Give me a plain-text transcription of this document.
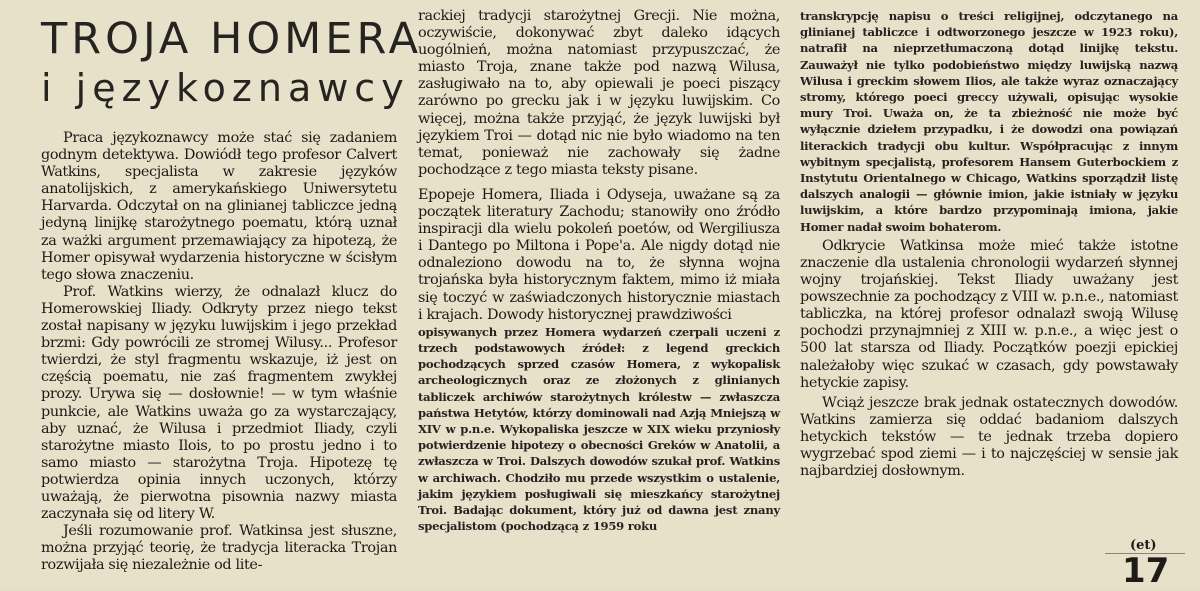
TROJA HOMERA
i językoznawcy

Praca językoznawcy może stać się zadaniem godnym detektywa. Dowiódł tego profesor Calvert Watkins, specjalista w zakresie języków anatolijskich, z amerykańskiego Uniwersytetu Harvarda. Odczytał on na glinianej tabliczce jedną jedyną linijkę starożytnego poematu, którą uznał za ważki argument przemawiający za hipotezą, że Homer opisywał wydarzenia historyczne w ścisłym tego słowa znaczeniu.

Prof. Watkins wierzy, że odnalazł klucz do Homerowskiej Iliady. Odkryty przez niego tekst został napisany w języku luwijskim i jego przekład brzmi: Gdy powrócili ze stromej Wilusy... Profesor twierdzi, że styl fragmentu wskazuje, iż jest on częścią poematu, nie zaś fragmentem zwykłej prozy. Urywa się — dosłownie! — w tym właśnie punkcie, ale Watkins uważa go za wystarczający, aby uznać, że Wilusa i przedmiot Iliady, czyli starożytne miasto Ilois, to po prostu jedno i to samo miasto — starożytna Troja. Hipotezę tę potwierdza opinia innych uczonych, którzy uważają, że pierwotna pisownia nazwy miasta zaczynała się od litery W.

Jeśli rozumowanie prof. Watkinsa jest słuszne, można przyjąć teorię, że tradycja literacka Trojan rozwijała się niezależnie od lite-

rackiej tradycji starożytnej Grecji. Nie można, oczywiście, dokonywać zbyt daleko idących uogólnień, można natomiast przypuszczać, że miasto Troja, znane także pod nazwą Wilusa, zasługiwało na to, aby opiewali je poeci piszący zarówno po grecku jak i w języku luwijskim. Co więcej, można także przyjąć, że język luwijski był językiem Troi — dotąd nic nie było wiadomo na ten temat, ponieważ nie zachowały się żadne pochodzące z tego miasta teksty pisane.

Epopeje Homera, Iliada i Odyseja, uważane są za początek literatury Zachodu; stanowiły ono źródło inspiracji dla wielu pokoleń poetów, od Wergiliusza i Dantego po Miltona i Pope'a. Ale nigdy dotąd nie odnaleziono dowodu na to, że słynna wojna trojańska była historycznym faktem, mimo iż miała się toczyć w zaświadczonych historycznie miastach i krajach. Dowody historycznej prawdziwości

opisywanych przez Homera wydarzeń czerpali uczeni z trzech podstawowych źródeł: z legend greckich pochodzących sprzed czasów Homera, z wykopalisk archeologicznych oraz ze złożonych z glinianych tabliczek archiwów starożytnych królestw — zwłaszcza państwa Hetytów, którzy dominowali nad Azją Mniejszą w XIV w p.n.e. Wykopaliska jeszcze w XIX wieku przyniosły potwierdzenie hipotezy o obecności Greków w Anatolii, a zwłaszcza w Troi. Dalszych dowodów szukał prof. Watkins w archiwach. Chodziło mu przede wszystkim o ustalenie, jakim językiem posługiwali się mieszkańcy starożytnej Troi. Badając dokument, który już od dawna jest znany specjalistom (pochodzącą z 1959 roku

transkrypcję napisu o treści religijnej, odczytanego na glinianej tabliczce i odtworzonego jeszcze w 1923 roku), natrafił na nieprzetłumaczoną dotąd linijkę tekstu. Zauważył nie tylko podobieństwo między luwijską nazwą Wilusa i greckim słowem Ilios, ale także wyraz oznaczający stromy, którego poeci greccy używali, opisując wysokie mury Troi. Uważa on, że ta zbieżność nie może być wyłącznie dziełem przypadku, i że dowodzi ona powiązań literackich tradycji obu kultur. Współpracując z innym wybitnym specjalistą, profesorem Hansem Guterbockiem z Instytutu Orientalnego w Chicago, Watkins sporządził listę dalszych analogii — głównie imion, jakie istniały w języku luwijskim, a które bardzo przypominają imiona, jakie Homer nadał swoim bohaterom.

Odkrycie Watkinsa może mieć także istotne znaczenie dla ustalenia chronologii wydarzeń słynnej wojny trojańskiej. Tekst Iliady uważany jest powszechnie za pochodzący z VIII w. p.n.e., natomiast tabliczka, na której profesor odnalazł swoją Wilusę pochodzi przynajmniej z XIII w. p.n.e., a więc jest o 500 lat starsza od Iliady. Początków poezji epickiej należałoby więc szukać w czasach, gdy powstawały hetyckie zapisy.

Wciąż jeszcze brak jednak ostatecznych dowodów. Watkins zamierza się oddać badaniom dalszych hetyckich tekstów — te jednak trzeba dopiero wygrzebać spod ziemi — i to najczęściej w sensie jak najbardziej dosłownym.

(et)
17
